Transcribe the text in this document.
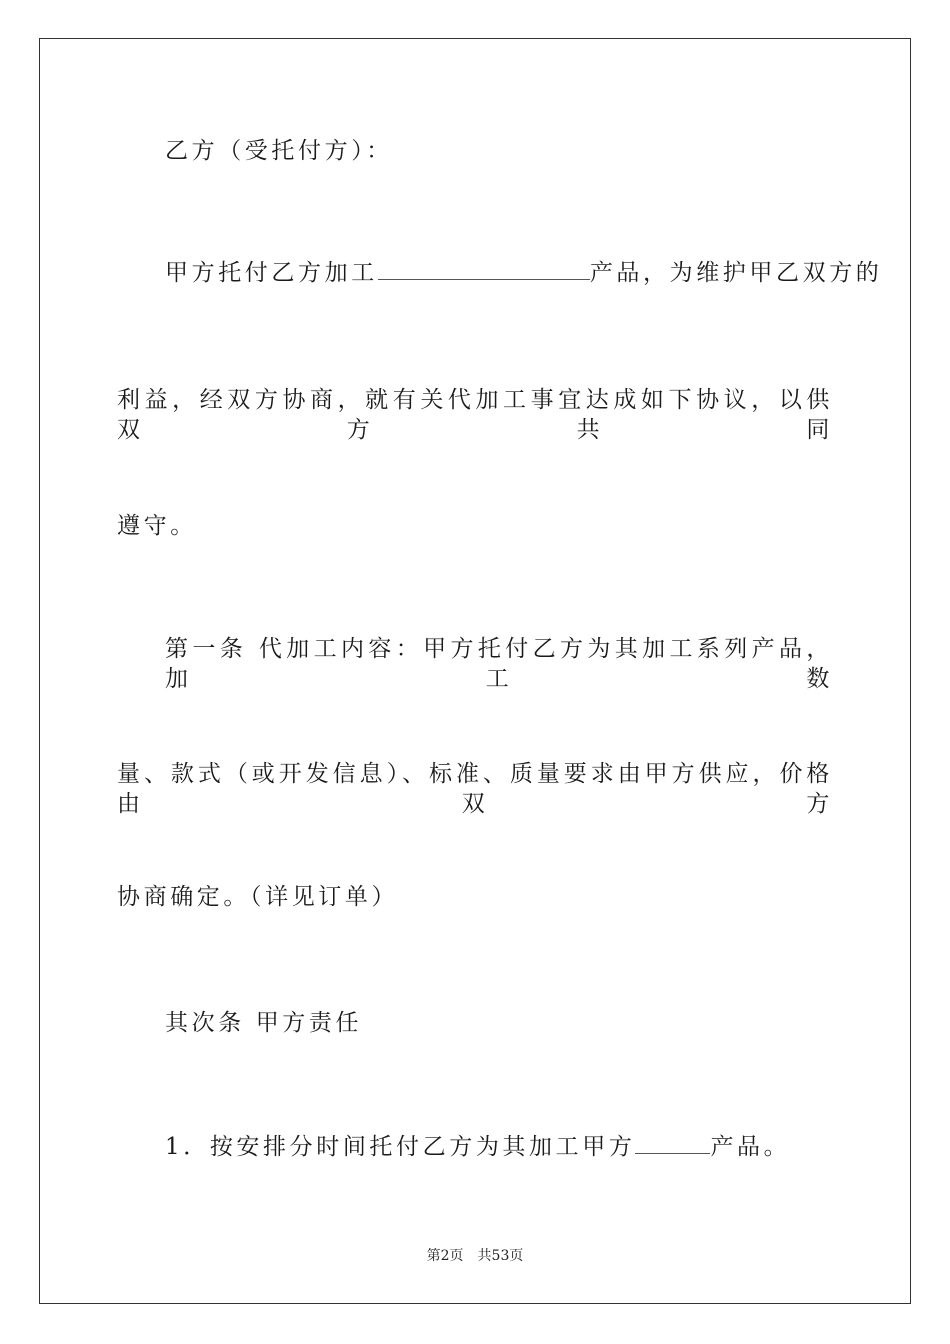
乙方（受托付方）：

甲方托付乙方加工	产品，为维护甲乙双方的

利益，经双方协商，就有关代加工事宜达成如下协议，以供双方共同

遵守。

第一条 代加工内容：甲方托付乙方为其加工系列产品，加工数

量、款式（或开发信息）、标准、质量要求由甲方供应，价格由双方

协商确定。（详见订单）

其次条 甲方责任

1．按安排分时间托付乙方为其加工甲方	产品。

第2页 共53页
